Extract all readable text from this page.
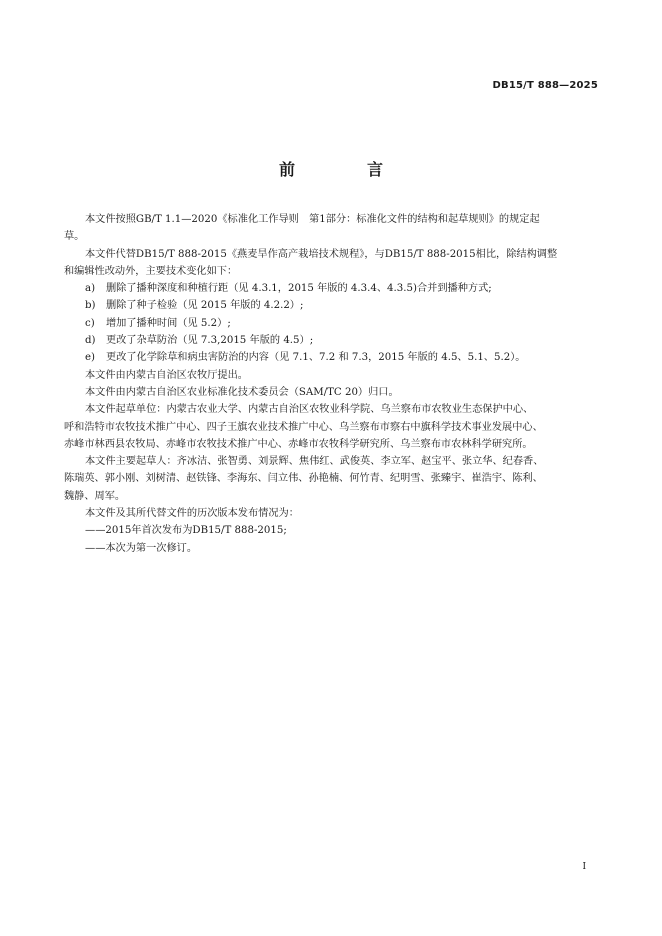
DB15/T 888—2025
前　言
本文件按照GB/T 1.1—2020《标准化工作导则　第1部分：标准化文件的结构和起草规则》的规定起
草。
本文件代替DB15/T 888-2015《燕麦旱作高产栽培技术规程》，与DB15/T 888-2015相比，除结构调整
和编辑性改动外，主要技术变化如下：
a)	删除了播种深度和种植行距（见 4.3.1，2015 年版的 4.3.4、4.3.5)合并到播种方式;
b)	删除了种子检验（见 2015 年版的 4.2.2）;
c)	增加了播种时间（见 5.2）;
d)	更改了杂草防治（见 7.3,2015 年版的 4.5）;
e)	更改了化学除草和病虫害防治的内容（见 7.1、7.2 和 7.3，2015 年版的 4.5、5.1、5.2）。
本文件由内蒙古自治区农牧厅提出。
本文件由内蒙古自治区农业标准化技术委员会（SAM/TC 20）归口。
本文件起草单位：内蒙古农业大学、内蒙古自治区农牧业科学院、乌兰察布市农牧业生态保护中心、
呼和浩特市农牧技术推广中心、四子王旗农业技术推广中心、乌兰察布市察右中旗科学技术事业发展中心、
赤峰市林西县农牧局、赤峰市农牧技术推广中心、赤峰市农牧科学研究所、乌兰察布市农林科学研究所。
本文件主要起草人：齐冰洁、张智勇、刘景辉、焦伟红、武俊英、李立军、赵宝平、张立华、纪春香、
陈瑞英、郭小刚、刘树清、赵铁锋、李海东、闫立伟、孙艳楠、何竹青、纪明雪、张臻宇、崔浩宇、陈利、
魏静、周军。
本文件及其所代替文件的历次版本发布情况为：
——2015年首次发布为DB15/T 888-2015;
——本次为第一次修订。
I
